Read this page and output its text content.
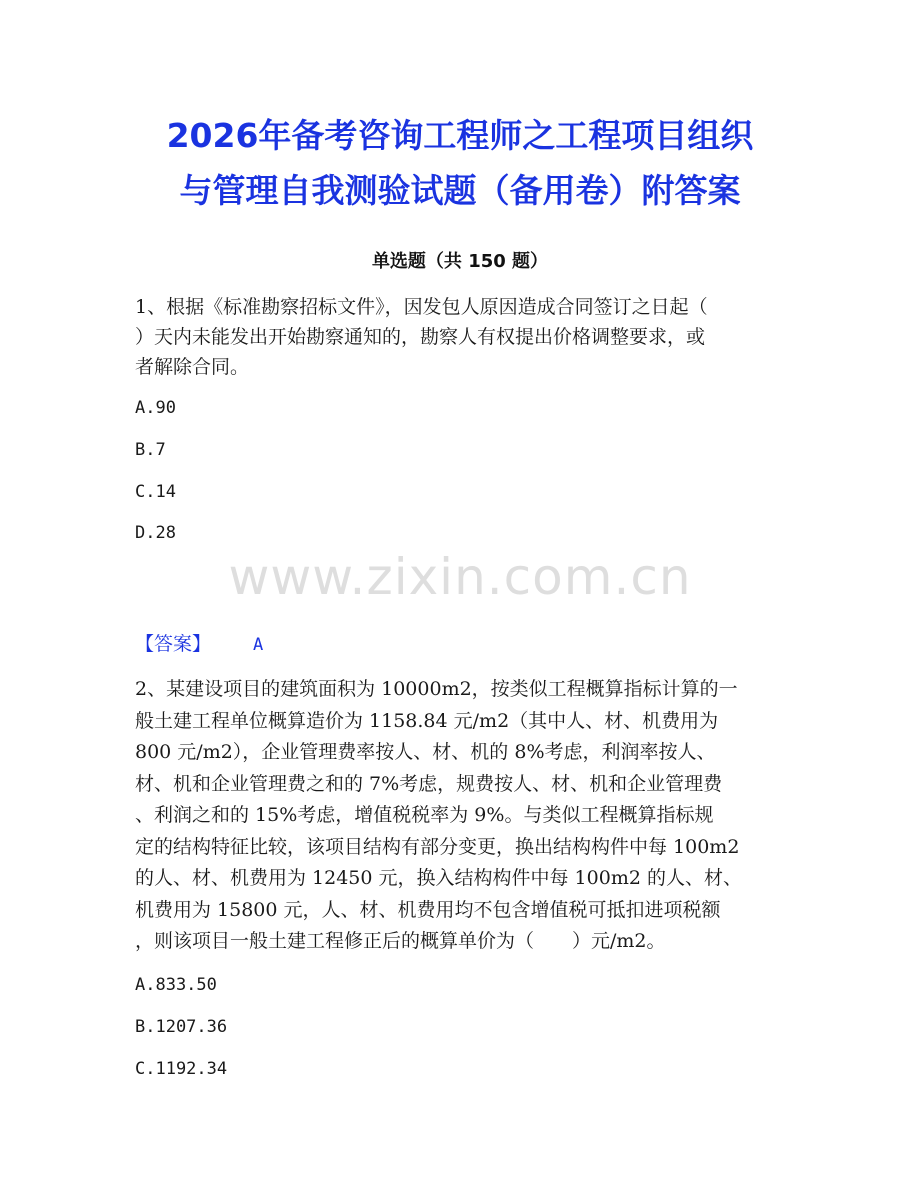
2026年备考咨询工程师之工程项目组织
与管理自我测验试题（备用卷）附答案
单选题（共 150 题）

1、根据《标准勘察招标文件》，因发包人原因造成合同签订之日起（
）天内未能发出开始勘察通知的，勘察人有权提出价格调整要求，或
者解除合同。

A.90
B.7
C.14
D.28
www.zixin.com.cn
【答案】 A

2、某建设项目的建筑面积为 10000m2，按类似工程概算指标计算的一
般土建工程单位概算造价为 1158.84 元/m2（其中人、材、机费用为
800 元/m2），企业管理费率按人、材、机的 8%考虑，利润率按人、
材、机和企业管理费之和的 7%考虑，规费按人、材、机和企业管理费
、利润之和的 15%考虑，增值税税率为 9%。与类似工程概算指标规
定的结构特征比较，该项目结构有部分变更，换出结构构件中每 100m2
的人、材、机费用为 12450 元，换入结构构件中每 100m2 的人、材、
机费用为 15800 元，人、材、机费用均不包含增值税可抵扣进项税额
，则该项目一般土建工程修正后的概算单价为（　　）元/m2。

A.833.50
B.1207.36
C.1192.34
